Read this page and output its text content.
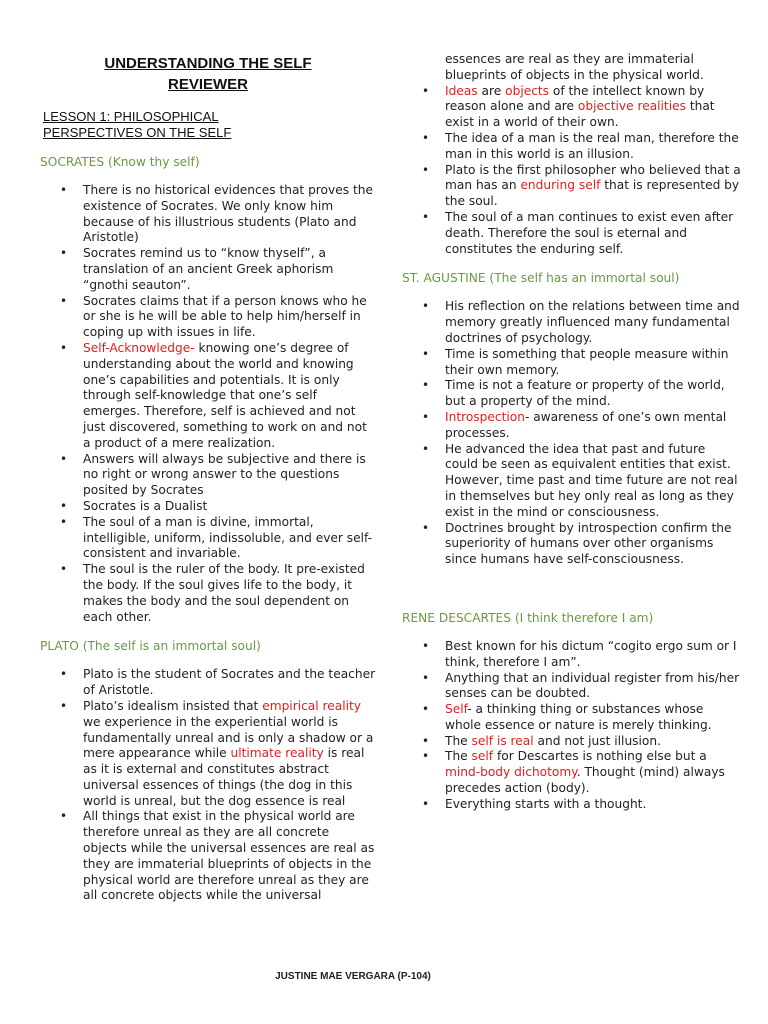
UNDERSTANDING THE SELF
REVIEWER
LESSON 1: PHILOSOPHICAL
PERSPECTIVES ON THE SELF
SOCRATES (Know thy self)
• There is no historical evidences that proves the existence of Socrates. We only know him because of his illustrious students (Plato and Aristotle)
• Socrates remind us to “know thyself”, a translation of an ancient Greek aphorism “gnothi seauton”.
• Socrates claims that if a person knows who he or she is he will be able to help him/herself in coping up with issues in life.
• Self-Acknowledge- knowing one’s degree of understanding about the world and knowing one’s capabilities and potentials. It is only through self-knowledge that one’s self emerges. Therefore, self is achieved and not just discovered, something to work on and not a product of a mere realization.
• Answers will always be subjective and there is no right or wrong answer to the questions posited by Socrates
• Socrates is a Dualist
• The soul of a man is divine, immortal, intelligible, uniform, indissoluble, and ever self-consistent and invariable.
• The soul is the ruler of the body. It pre-existed the body. If the soul gives life to the body, it makes the body and the soul dependent on each other.
PLATO (The self is an immortal soul)
• Plato is the student of Socrates and the teacher of Aristotle.
• Plato’s idealism insisted that empirical reality we experience in the experiential world is fundamentally unreal and is only a shadow or a mere appearance while ultimate reality is real as it is external and constitutes abstract universal essences of things (the dog in this world is unreal, but the dog essence is real
• All things that exist in the physical world are therefore unreal as they are all concrete objects while the universal essences are real as they are immaterial blueprints of objects in the physical world are therefore unreal as they are all concrete objects while the universal
essences are real as they are immaterial blueprints of objects in the physical world.
• Ideas are objects of the intellect known by reason alone and are objective realities that exist in a world of their own.
• The idea of a man is the real man, therefore the man in this world is an illusion.
• Plato is the first philosopher who believed that a man has an enduring self that is represented by the soul.
• The soul of a man continues to exist even after death. Therefore the soul is eternal and constitutes the enduring self.
ST. AGUSTINE (The self has an immortal soul)
• His reflection on the relations between time and memory greatly influenced many fundamental doctrines of psychology.
• Time is something that people measure within their own memory.
• Time is not a feature or property of the world, but a property of the mind.
• Introspection- awareness of one’s own mental processes.
• He advanced the idea that past and future could be seen as equivalent entities that exist. However, time past and time future are not real in themselves but hey only real as long as they exist in the mind or consciousness.
• Doctrines brought by introspection confirm the superiority of humans over other organisms since humans have self-consciousness.
RENE DESCARTES (I think therefore I am)
• Best known for his dictum “cogito ergo sum or I think, therefore I am”.
• Anything that an individual register from his/her senses can be doubted.
• Self- a thinking thing or substances whose whole essence or nature is merely thinking.
• The self is real and not just illusion.
• The self for Descartes is nothing else but a mind-body dichotomy. Thought (mind) always precedes action (body).
• Everything starts with a thought.
JUSTINE MAE VERGARA (P-104)
